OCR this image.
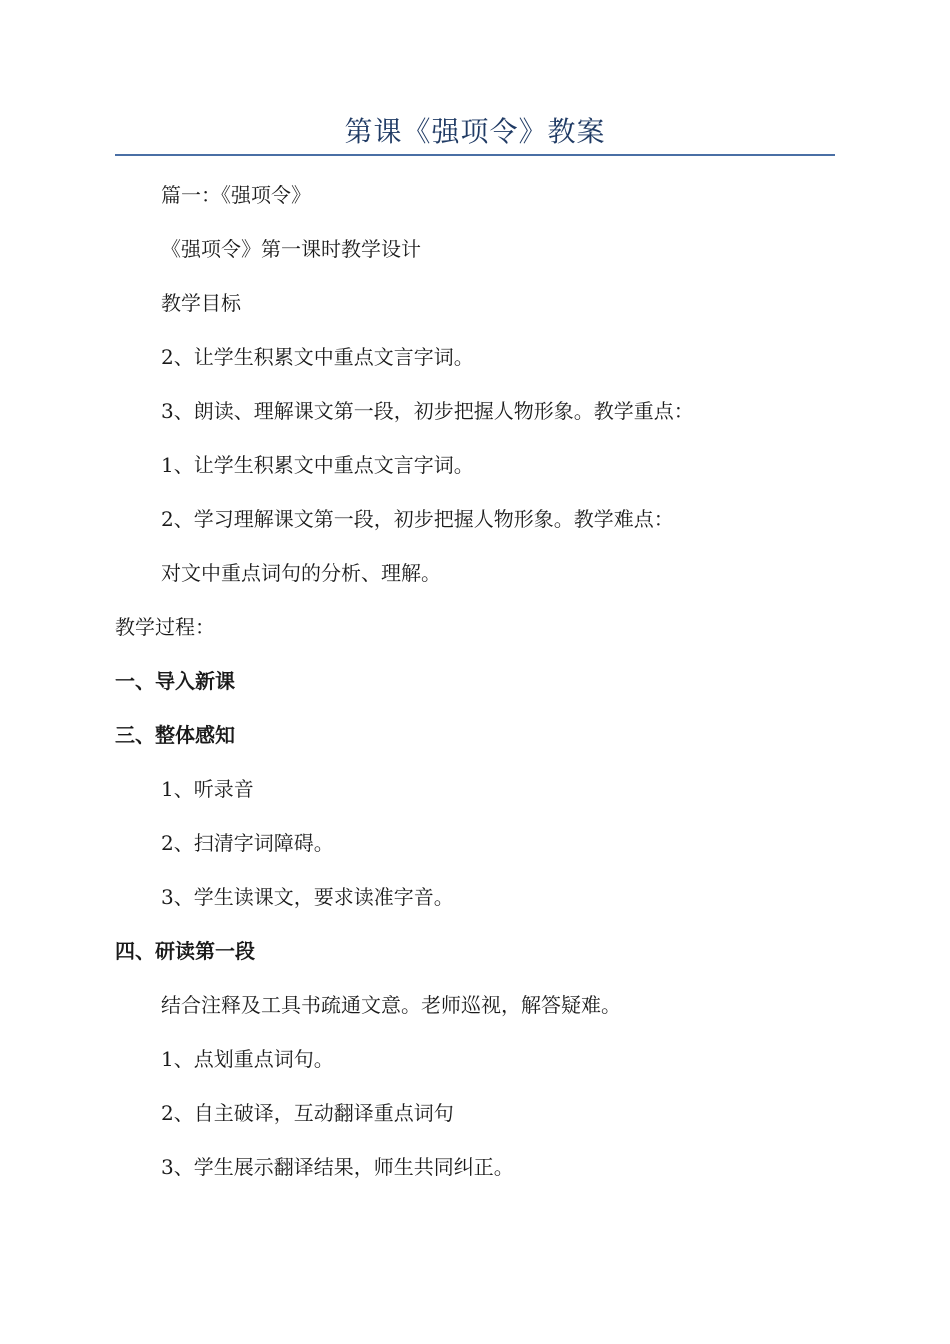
第课《强项令》教案

篇一：《强项令》

《强项令》第一课时教学设计

教学目标

2、让学生积累文中重点文言字词。

3、朗读、理解课文第一段，初步把握人物形象。教学重点：

1、让学生积累文中重点文言字词。

2、学习理解课文第一段，初步把握人物形象。教学难点：

对文中重点词句的分析、理解。

教学过程：

一、导入新课

三、整体感知

1、听录音

2、扫清字词障碍。

3、学生读课文，要求读准字音。

四、研读第一段

结合注释及工具书疏通文意。老师巡视，解答疑难。

1、点划重点词句。

2、自主破译，互动翻译重点词句

3、学生展示翻译结果，师生共同纠正。
